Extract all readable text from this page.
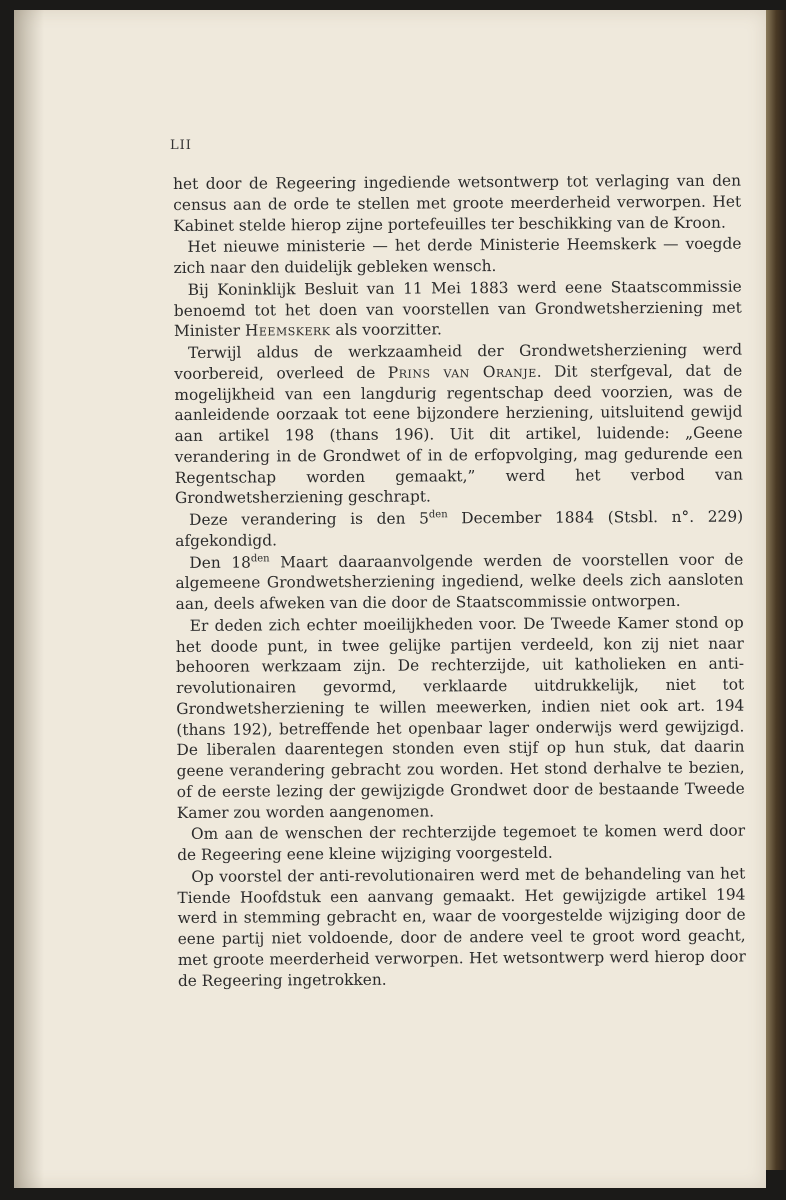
LII

het door de Regeering ingediende wetsontwerp tot verlaging van den census aan de orde te stellen met groote meerderheid verworpen. Het Kabinet stelde hierop zijne portefeuilles ter beschikking van de Kroon.

Het nieuwe ministerie — het derde Ministerie Heemskerk — voegde zich naar den duidelijk gebleken wensch.

Bij Koninklijk Besluit van 11 Mei 1883 werd eene Staatscommissie benoemd tot het doen van voorstellen van Grondwetsherziening met Minister Heemskerk als voorzitter.

Terwijl aldus de werkzaamheid der Grondwetsherziening werd voorbereid, overleed de Prins van Oranje. Dit sterfgeval, dat de mogelijkheid van een langdurig regentschap deed voorzien, was de aanleidende oorzaak tot eene bijzondere herziening, uitsluitend gewijd aan artikel 198 (thans 196). Uit dit artikel, luidende: „Geene verandering in de Grondwet of in de erfopvolging, mag gedurende een Regentschap worden gemaakt,” werd het verbod van Grondwetsherziening geschrapt.

Deze verandering is den $5^{den}$ December 1884 (Stsbl. n°. 229) afgekondigd.

Den $18^{den}$ Maart daaraanvolgende werden de voorstellen voor de algemeene Grondwetsherziening ingediend, welke deels zich aansloten aan, deels afweken van die door de Staatscommissie ontworpen.

Er deden zich echter moeilijkheden voor. De Tweede Kamer stond op het doode punt, in twee gelijke partijen verdeeld, kon zij niet naar behooren werkzaam zijn. De rechterzijde, uit katholieken en anti-revolutionairen gevormd, verklaarde uitdrukkelijk, niet tot Grondwetsherziening te willen meewerken, indien niet ook art. 194 (thans 192), betreffende het openbaar lager onderwijs werd gewijzigd. De liberalen daarentegen stonden even stijf op hun stuk, dat daarin geene verandering gebracht zou worden. Het stond derhalve te bezien, of de eerste lezing der gewijzigde Grondwet door de bestaande Tweede Kamer zou worden aangenomen.

Om aan de wenschen der rechterzijde tegemoet te komen werd door de Regeering eene kleine wijziging voorgesteld.

Op voorstel der anti-revolutionairen werd met de behandeling van het Tiende Hoofdstuk een aanvang gemaakt. Het gewijzigde artikel 194 werd in stemming gebracht en, waar de voorgestelde wijziging door de eene partij niet voldoende, door de andere veel te groot word geacht, met groote meerderheid verworpen. Het wetsontwerp werd hierop door de Regeering ingetrokken.
